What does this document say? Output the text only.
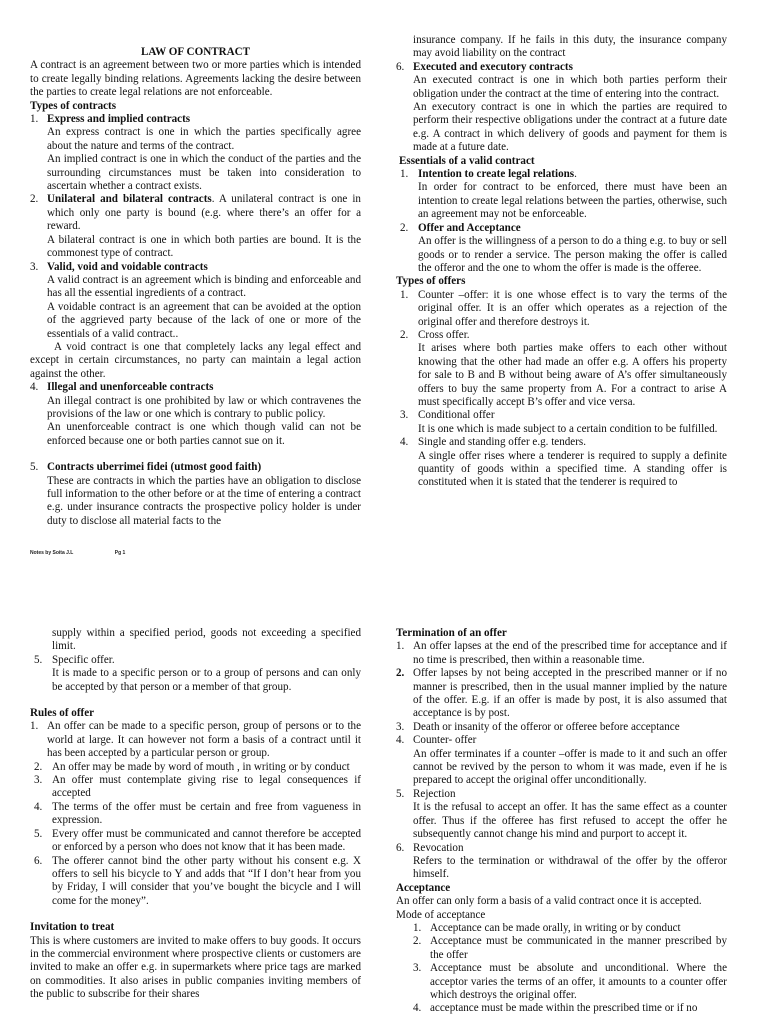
LAW OF CONTRACT
A contract is an agreement between two or more parties which is intended to create legally binding relations. Agreements lacking the desire between the parties to create legal relations are not enforceable.
Types of contracts
1. Express and implied contracts
An express contract is one in which the parties specifically agree about the nature and terms of the contract.
An implied contract is one in which the conduct of the parties and the surrounding circumstances must be taken into consideration to ascertain whether a contract exists.
2. Unilateral and bilateral contracts. A unilateral contract is one in which only one party is bound (e.g. where there’s an offer for a reward.
A bilateral contract is one in which both parties are bound. It is the commonest type of contract.
3. Valid, void and voidable contracts
A valid contract is an agreement which is binding and enforceable and has all the essential ingredients of a contract.
A voidable contract is an agreement that can be avoided at the option of the aggrieved party because of the lack of one or more of the essentials of a valid contract..
A void contract is one that completely lacks any legal effect and except in certain circumstances, no party can maintain a legal action against the other.
4. Illegal and unenforceable contracts
An illegal contract is one prohibited by law or which contravenes the provisions of the law or one which is contrary to public policy.
An unenforceable contract is one which though valid can not be enforced because one or both parties cannot sue on it.
5. Contracts uberrimei fidei (utmost good faith)
These are contracts in which the parties have an obligation to disclose full information to the other before or at the time of entering a contract e.g. under insurance contracts the prospective policy holder is under duty to disclose all material facts to the
insurance company. If he fails in this duty, the insurance company may avoid liability on the contract
6. Executed and executory contracts
An executed contract is one in which both parties perform their obligation under the contract at the time of entering into the contract.
An executory contract is one in which the parties are required to perform their respective obligations under the contract at a future date e.g. A contract in which delivery of goods and payment for them is made at a future date.
Essentials of a valid contract
1. Intention to create legal relations.
In order for contract to be enforced, there must have been an intention to create legal relations between the parties, otherwise, such an agreement may not be enforceable.
2. Offer and Acceptance
An offer is the willingness of a person to do a thing e.g. to buy or sell goods or to render a service. The person making the offer is called the offeror and the one to whom the offer is made is the offeree.
Types of offers
1. Counter –offer: it is one whose effect is to vary the terms of the original offer. It is an offer which operates as a rejection of the original offer and therefore destroys it.
2. Cross offer.
It arises where both parties make offers to each other without knowing that the other had made an offer e.g. A offers his property for sale to B and B without being aware of A’s offer simultaneously offers to buy the same property from A. For a contract to arise A must specifically accept B’s offer and vice versa.
3. Conditional offer
It is one which is made subject to a certain condition to be fulfilled.
4. Single and standing offer e.g. tenders.
A single offer rises where a tenderer is required to supply a definite quantity of goods within a specified time. A standing offer is constituted when it is stated that the tenderer is required to
Notes by Soita J.L	Pg 1
supply within a specified period, goods not exceeding a specified limit.
5. Specific offer.
It is made to a specific person or to a group of persons and can only be accepted by that person or a member of that group.
Rules of offer
1. An offer can be made to a specific person, group of persons or to the world at large. It can however not form a basis of a contract until it has been accepted by a particular person or group.
2. An offer may be made by word of mouth , in writing or by conduct
3. An offer must contemplate giving rise to legal consequences if accepted
4. The terms of the offer must be certain and free from vagueness in expression.
5. Every offer must be communicated and cannot therefore be accepted or enforced by a person who does not know that it has been made.
6. The offerer cannot bind the other party without his consent e.g. X offers to sell his bicycle to Y and adds that “If I don’t hear from you by Friday, I will consider that you’ve bought the bicycle and I will come for the money”.
Invitation to treat
This is where customers are invited to make offers to buy goods. It occurs in the commercial environment where prospective clients or customers are invited to make an offer e.g. in supermarkets where price tags are marked on commodities. It also arises in public companies inviting members of the public to subscribe for their shares
Termination of an offer
1. An offer lapses at the end of the prescribed time for acceptance and if no time is prescribed, then within a reasonable time.
2. Offer lapses by not being accepted in the prescribed manner or if no manner is prescribed, then in the usual manner implied by the nature of the offer. E.g. if an offer is made by post, it is also assumed that acceptance is by post.
3. Death or insanity of the offeror or offeree before acceptance
4. Counter- offer
An offer terminates if a counter –offer is made to it and such an offer cannot be revived by the person to whom it was made, even if he is prepared to accept the original offer unconditionally.
5. Rejection
It is the refusal to accept an offer. It has the same effect as a counter offer. Thus if the offeree has first refused to accept the offer he subsequently cannot change his mind and purport to accept it.
6. Revocation
Refers to the termination or withdrawal of the offer by the offeror himself.
Acceptance
An offer can only form a basis of a valid contract once it is accepted.
Mode of acceptance
1. Acceptance can be made orally, in writing or by conduct
2. Acceptance must be communicated in the manner prescribed by the offer
3. Acceptance must be absolute and unconditional. Where the acceptor varies the terms of an offer, it amounts to a counter offer which destroys the original offer.
4. acceptance must be made within the prescribed time or if no
